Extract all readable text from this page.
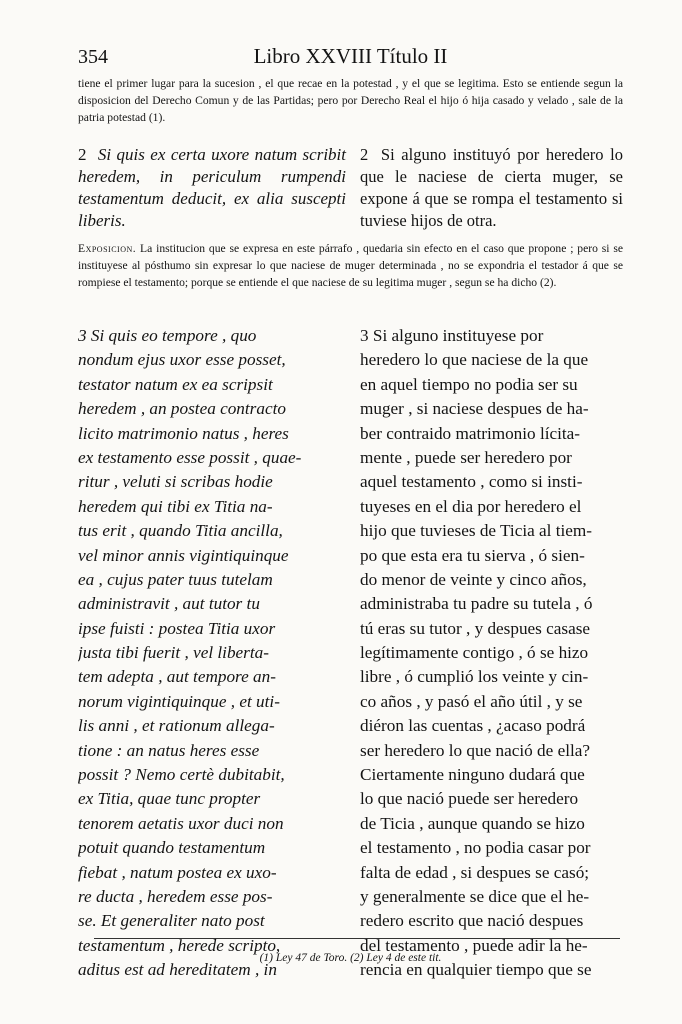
354	Libro XXVIII Título II

tiene el primer lugar para la sucesion , el que recae en la potestad , y el que se legitima. Esto se entiende segun la disposicion del Derecho Comun y de las Partidas; pero por Derecho Real el hijo ó hija casado y velado , sale de la patria potestad (1).

2 Si quis ex certa uxore natum scribit heredem, in periculum rumpendi testamentum deducit, ex alia suscepti liberis.

2 Si alguno instituyó por heredero lo que le naciese de cierta muger, se expone á que se rompa el testamento si tuviese hijos de otra.

Exposicion. La institucion que se expresa en este párrafo , quedaria sin efecto en el caso que propone ; pero si se instituyese al pósthumo sin expresar lo que naciese de muger determinada , no se expondria el testador á que se rompiese el testamento; porque se entiende el que naciese de su legitima muger , segun se ha dicho (2).

3 Si quis eo tempore , quo
nondum ejus uxor esse posset,
testator natum ex ea scripsit
heredem , an postea contracto
licito matrimonio natus , heres
ex testamento esse possit , quae-
ritur , veluti si scribas hodie
heredem qui tibi ex Titia na-
tus erit , quando Titia ancilla,
vel minor annis vigintiquinque
ea , cujus pater tuus tutelam
administravit , aut tutor tu
ipse fuisti : postea Titia uxor
justa tibi fuerit , vel liberta-
tem adepta , aut tempore an-
norum vigintiquinque , et uti-
lis anni , et rationum allega-
tione : an natus heres esse
possit ? Nemo certè dubitabit,
ex Titia, quae tunc propter
tenorem aetatis uxor duci non
potuit quando testamentum
fiebat , natum postea ex uxo-
re ducta , heredem esse pos-
se. Et generaliter nato post
testamentum , herede scripto,
aditus est ad hereditatem , in
3 Si alguno instituyese por
heredero lo que naciese de la que
en aquel tiempo no podia ser su
muger , si naciese despues de ha-
ber contraido matrimonio lícita-
mente , puede ser heredero por
aquel testamento , como si insti-
tuyeses en el dia por heredero el
hijo que tuvieses de Ticia al tiem-
po que esta era tu sierva , ó sien-
do menor de veinte y cinco años,
administraba tu padre su tutela , ó
tú eras su tutor , y despues casase
legítimamente contigo , ó se hizo
libre , ó cumplió los veinte y cin-
co años , y pasó el año útil , y se
diéron las cuentas , ¿acaso podrá
ser heredero lo que nació de ella?
Ciertamente ninguno dudará que
lo que nació puede ser heredero
de Ticia , aunque quando se hizo
el testamento , no podia casar por
falta de edad , si despues se casó;
y generalmente se dice que el he-
redero escrito que nació despues
del testamento , puede adir la he-
rencia en qualquier tiempo que se
(1) Ley 47 de Toro. (2) Ley 4 de este tit.
